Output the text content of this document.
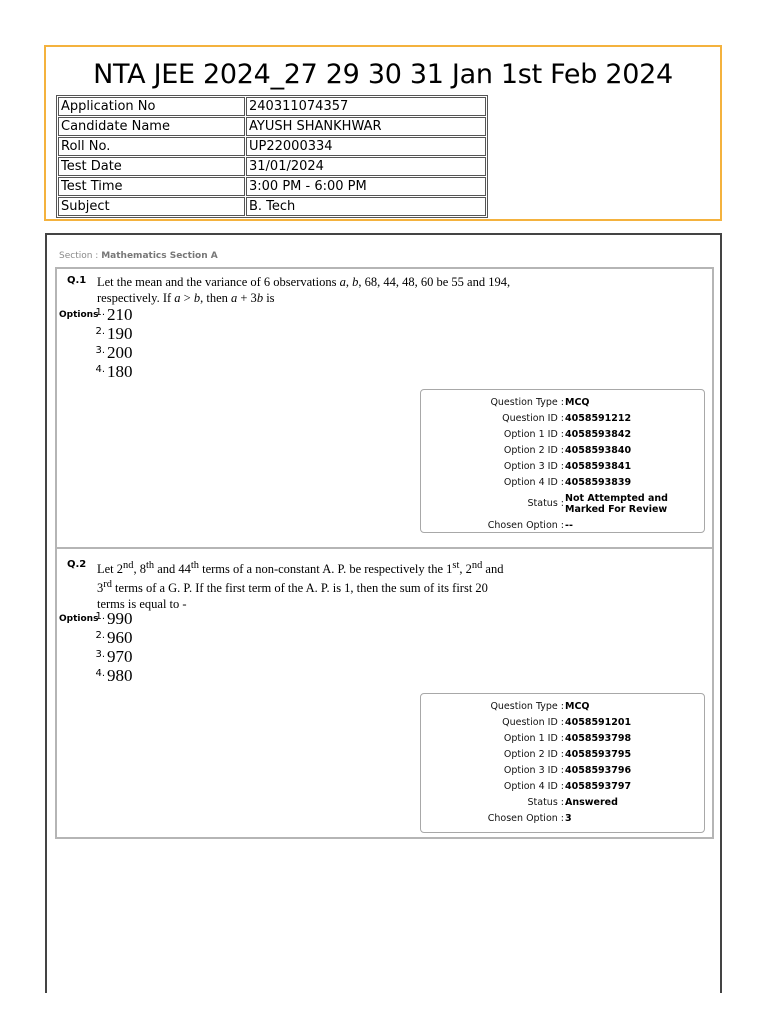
NTA JEE 2024_27 29 30 31 Jan 1st Feb 2024
Application No	240311074357
Candidate Name	AYUSH SHANKHWAR
Roll No.	UP22000334
Test Date	31/01/2024
Test Time	3:00 PM - 6:00 PM
Subject	B. Tech
Section : Mathematics Section A
Q.1 Let the mean and the variance of 6 observations a, b, 68, 44, 48, 60 be 55 and 194,
respectively. If a > b, then a + 3b is
Options
1. 210
2. 190
3. 200
4. 180
Question Type : MCQ
Question ID : 4058591212
Option 1 ID : 4058593842
Option 2 ID : 4058593840
Option 3 ID : 4058593841
Option 4 ID : 4058593839
Status : Not Attempted and Marked For Review
Chosen Option : --
Q.2 Let 2nd, 8th and 44th terms of a non-constant A. P. be respectively the 1st, 2nd and
3rd terms of a G. P. If the first term of the A. P. is 1, then the sum of its first 20
terms is equal to -
Options
1. 990
2. 960
3. 970
4. 980
Question Type : MCQ
Question ID : 4058591201
Option 1 ID : 4058593798
Option 2 ID : 4058593795
Option 3 ID : 4058593796
Option 4 ID : 4058593797
Status : Answered
Chosen Option : 3
